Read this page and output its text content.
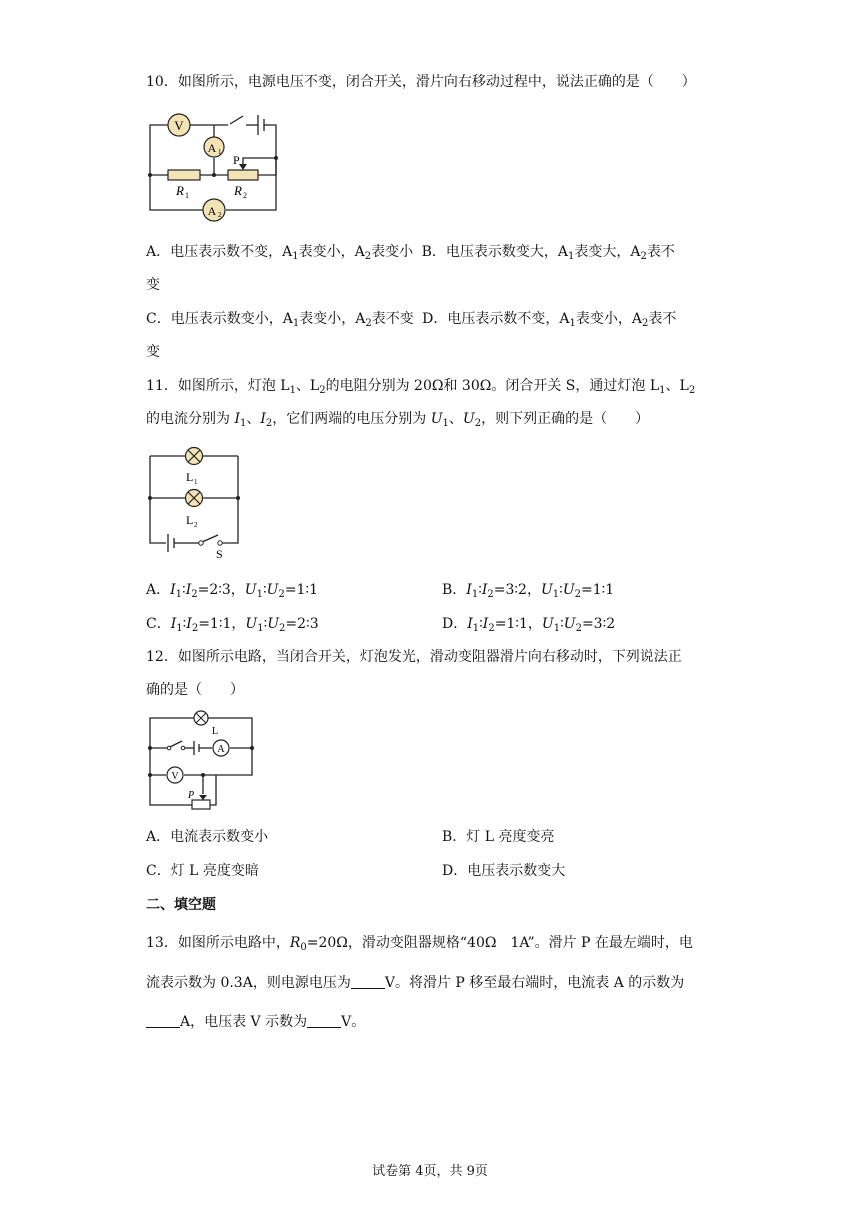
10．如图所示，电源电压不变，闭合开关，滑片向右移动过程中，说法正确的是（　　）
V
A 1
A 2
P
R 1	R 2
A．电压表示数不变，$A_1$表变小，$A_2$表变小 B．电压表示数变大，$A_1$表变大，$A_2$表不
变
C．电压表示数变小，$A_1$表变小，$A_2$表不变 D．电压表示数不变，$A_1$表变小，$A_2$表不
变
11．如图所示，灯泡 $L_1$、$L_2$的电阻分别为 20Ω和 30Ω。闭合开关 S，通过灯泡 $L_1$、$L_2$
的电流分别为 $I_1$、$I_2$，它们两端的电压分别为 $U_1$、$U_2$，则下列正确的是（　　）
L 1
L 2
S
A．$I_1∶I_2=2∶3$，$U_1∶U_2=1∶1$	B．$I_1∶I_2=3∶2$，$U_1∶U_2=1∶1$
C．$I_1∶I_2=1∶1$，$U_1∶U_2=2∶3$	D．$I_1∶I_2=1∶1$，$U_1∶U_2=3∶2$
12．如图所示电路，当闭合开关，灯泡发光，滑动变阻器滑片向右移动时，下列说法正
确的是（　　）
L
A
V
P
A．电流表示数变小	B．灯 L 亮度变亮
C．灯 L 亮度变暗	D．电压表示数变大
二、填空题
13．如图所示电路中，$R_0=20\Omega$，滑动变阻器规格“40Ω　1A”。滑片 P 在最左端时，电
流表示数为 0.3A，则电源电压为 V。将滑片 P 移至最右端时，电流表 A 的示数为
A，电压表 V 示数为 V。
试卷第 4页，共 9页
